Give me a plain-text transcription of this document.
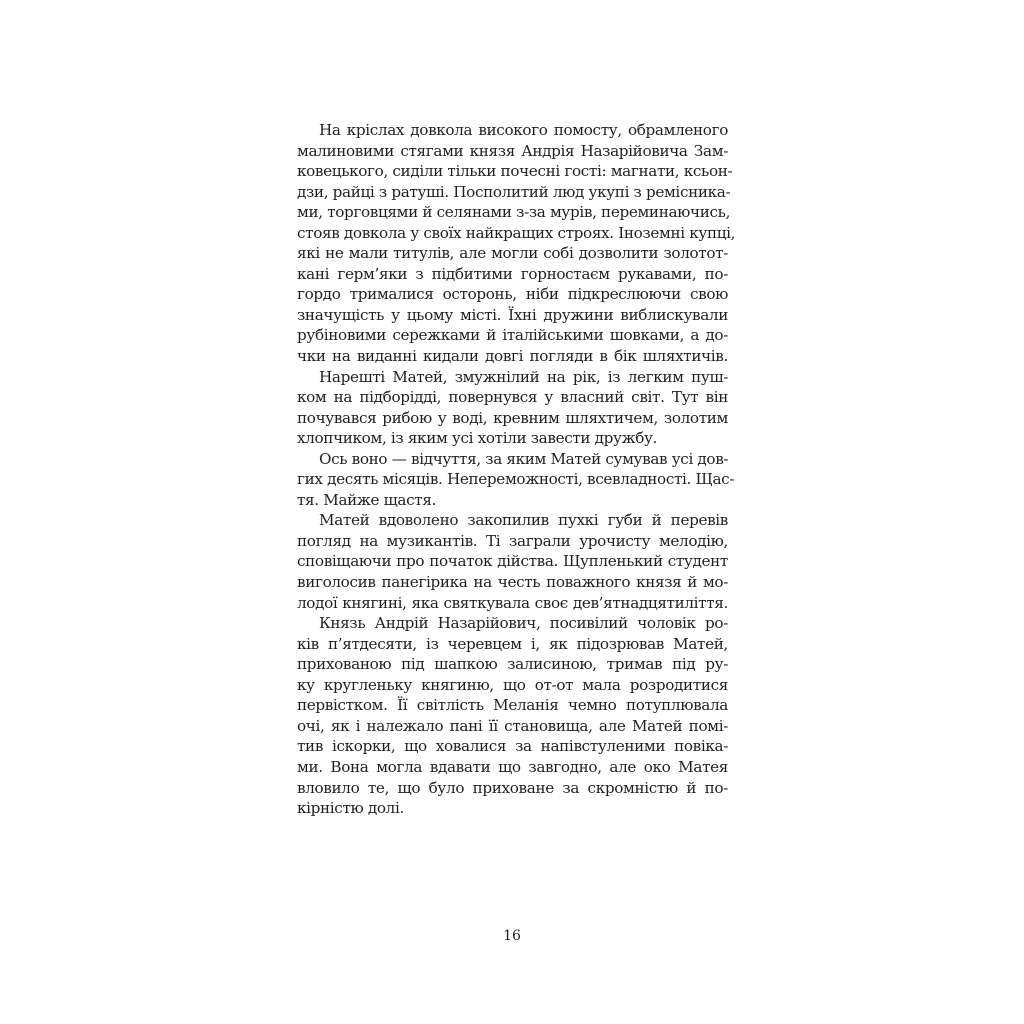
На кріслах довкола високого помосту, обрамленого
малиновими стягами князя Андрія Назарійовича Зам-
ковецького, сиділи тільки почесні гості: магнати, ксьон-
дзи, райці з ратуші. Посполитий люд укупі з ремісника-
ми, торговцями й селянами з-за мурів, переминаючись,
стояв довкола у своїх найкращих строях. Іноземні купці,
які не мали титулів, але могли собі дозволити золотот-
кані герм’яки з підбитими горностаєм рукавами, по-
гордо трималися осторонь, ніби підкреслюючи свою
значущість у цьому місті. Їхні дружини виблискували
рубіновими сережками й італійськими шовками, а до-
чки на виданні кидали довгі погляди в бік шляхтичів.
Нарешті Матей, змужнілий на рік, із легким пуш-
ком на підборідді, повернувся у власний світ. Тут він
почувався рибою у воді, кревним шляхтичем, золотим
хлопчиком, із яким усі хотіли завести дружбу.
Ось воно — відчуття, за яким Матей сумував усі дов-
гих десять місяців. Непереможності, всевладності. Щас-
тя. Майже щастя.
Матей вдоволено закопилив пухкі губи й перевів
погляд на музикантів. Ті заграли урочисту мелодію,
сповіщаючи про початок дійства. Щупленький студент
виголосив панегірика на честь поважного князя й мо-
лодої княгині, яка святкувала своє дев’ятнадцятиліття.
Князь Андрій Назарійович, посивілий чоловік ро-
ків п’ятдесяти, із черевцем і, як підозрював Матей,
прихованою під шапкою залисиною, тримав під ру-
ку кругленьку княгиню, що от-от мала розродитися
первістком. Її світлість Меланія чемно потуплювала
очі, як і належало пані її становища, але Матей помі-
тив іскорки, що ховалися за напівстуленими повіка-
ми. Вона могла вдавати що завгодно, але око Матея
вловило те, що було приховане за скромністю й по-
кірністю долі.
16
